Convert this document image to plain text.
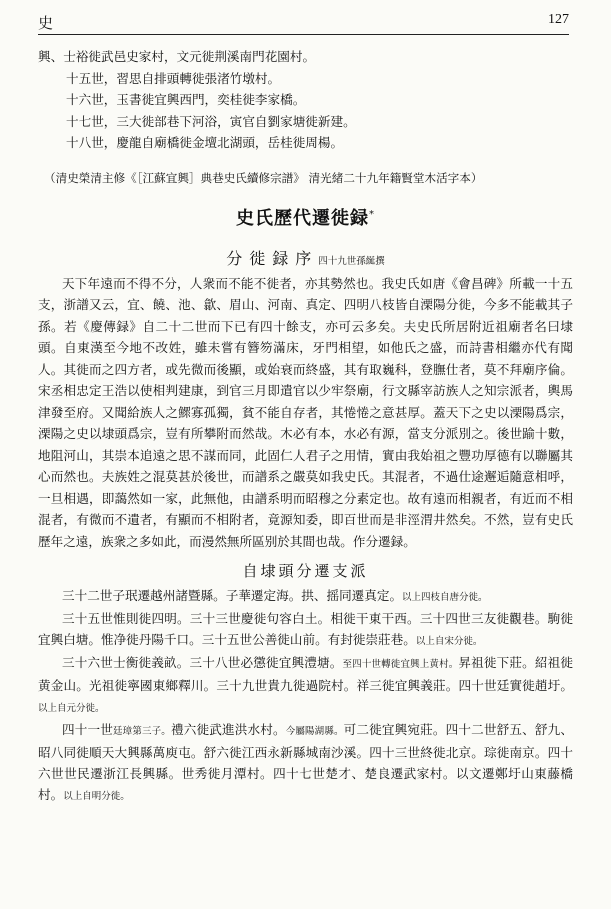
史	127

興、士裕徙武邑史家村，文元徙荆溪南門花園村。

十五世，習思自排頭轉徙張渚竹墩村。

十六世，玉書徙宜興西門，奕桂徙李家橋。

十七世，三大徙部巷下河浴，寅官自劉家塘徙新建。

十八世，慶龍自廟橋徙金壇北湖頭，岳桂徙周楊。

（清史榮清主修《［江蘇宜興］典巷史氏續修宗譜》 清光緒二十九年籍賢堂木活字本）

史氏歷代遷徙録*
分徙録序四十九世孫綖撰

天下年遠而不得不分，人衆而不能不徙者，亦其勢然也。我史氏如唐《會昌碑》所載一十五支，浙譜又云，宜、饒、池、歙、眉山、河南、真定、四明八枝皆自溧陽分徙，今多不能載其子孫。若《慶傳録》自二十二世而下已有四十餘支，亦可云多矣。夫史氏所居附近祖廟者名曰埭頭。自東漢至今地不改姓，雖未嘗有簪笏滿床，牙門相望，如他氏之盛，而詩書相繼亦代有聞人。其徙而之四方者，或先微而後顯，或始衰而終盛，其有取巍科，登膴仕者，莫不拜廟序倫。宋丞相忠定王浩以使相判建康，到官三月即遣官以少牢祭廟，行文縣宰訪族人之知宗派者，輿馬津發至府。又聞給族人之鰥寡孤獨，貧不能自存者，其惓惓之意甚厚。蓋天下之史以溧陽爲宗，溧陽之史以埭頭爲宗，豈有所攀附而然哉。木必有本，水必有源，當支分派別之。後世踰十數，地阻河山，其崇本追遠之思不謀而同，此固仁人君子之用情，實由我始祖之豐功厚德有以聯屬其心而然也。夫族姓之混莫甚於後世，而譜系之嚴莫如我史氏。其混者，不過仕途邂逅隨意相呼，一旦相遇，即藹然如一家，此無他，由譜系明而昭穆之分素定也。故有遠而相親者，有近而不相混者，有微而不遺者，有顯而不相附者，竟源知委，即百世而是非涇渭井然矣。不然，豈有史氏歷年之遠，族衆之多如此，而漫然無所區别於其間也哉。作分遷録。

自埭頭分遷支派

三十二世子珉遷越州諸暨縣。子華遷定海。拱、摇同遷真定。以上四枝自唐分徙。

三十五世惟則徙四明。三十三世慶徙句容白土。相徙干東干西。三十四世三友徙觀巷。駒徙宜興白塘。惟净徙丹陽千口。三十五世公善徙山前。有封徙崇莊巷。以上自宋分徙。

三十六世士衡徙義畝。三十八世必懲徙宜興澧塘。至四十世轉徙宜興上黄村。昇祖徙下莊。紹祖徙黄金山。光祖徙寧國東鄉釋川。三十九世貴九徙過院村。祥三徙宜興義莊。四十世廷實徙趙圩。以上自元分徙。

四十一世廷璋第三子。禮六徙武進洪水村。今屬陽湖縣。可二徙宜興宛莊。四十二世舒五、舒九、昭八同徙順天大興縣萬庾屯。舒六徙江西永新縣城南沙溪。四十三世終徙北京。琮徙南京。四十六世世民遷浙江長興縣。世秀徙月潭村。四十七世楚才、楚良遷武家村。以文遷鄭圩山東藤橋村。以上自明分徙。
